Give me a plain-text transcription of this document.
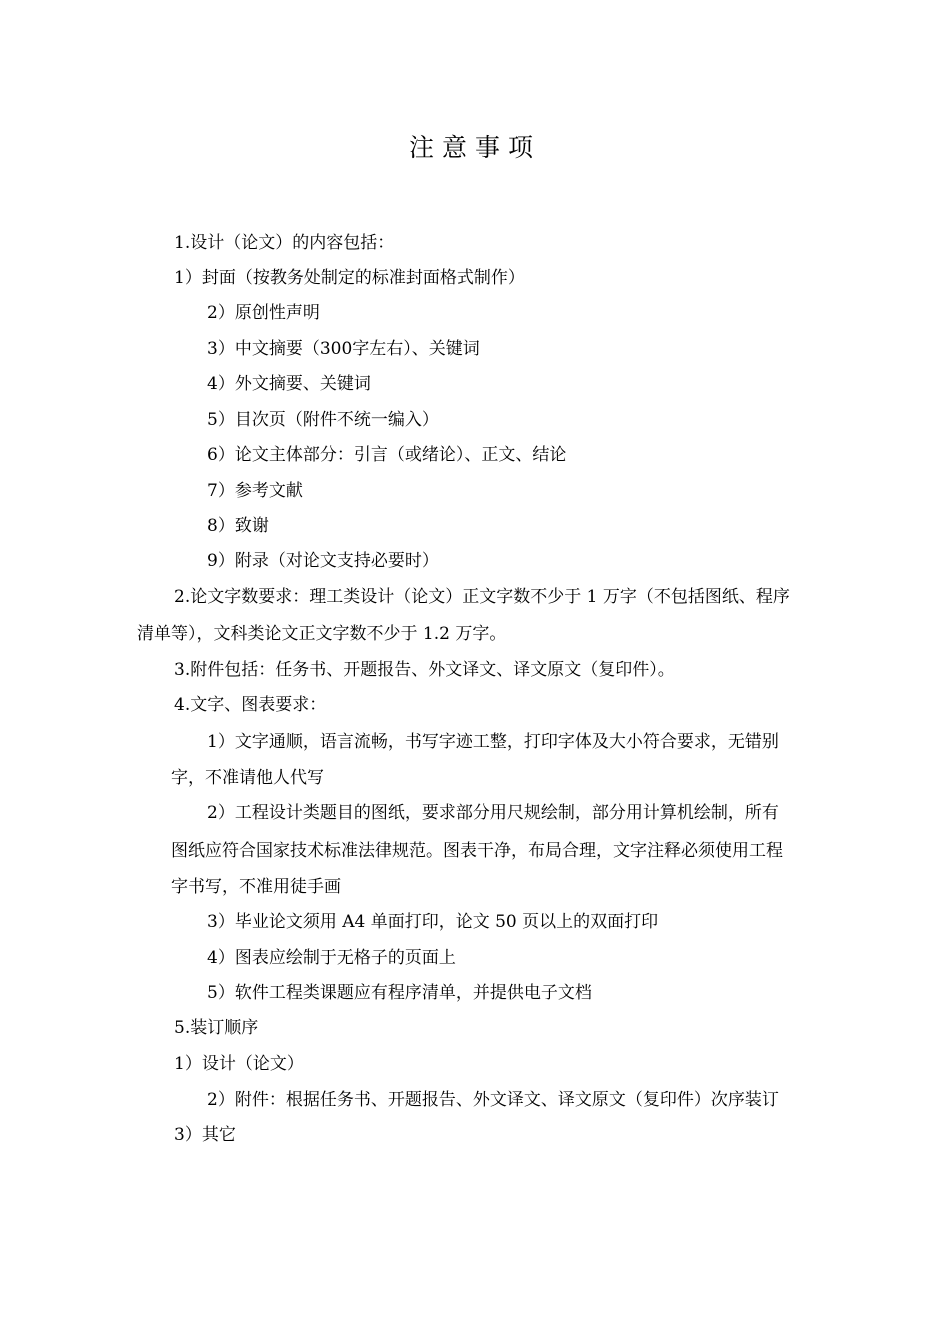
注意事项
1.设计（论文）的内容包括：
1）封面（按教务处制定的标准封面格式制作）
2）原创性声明
3）中文摘要（300字左右）、关键词
4）外文摘要、关键词
5）目次页（附件不统一编入）
6）论文主体部分：引言（或绪论）、正文、结论
7）参考文献
8）致谢
9）附录（对论文支持必要时）
2.论文字数要求：理工类设计（论文）正文字数不少于 1 万字（不包括图纸、程序
清单等），文科类论文正文字数不少于 1.2 万字。
3.附件包括：任务书、开题报告、外文译文、译文原文（复印件）。
4.文字、图表要求：
1）文字通顺，语言流畅，书写字迹工整，打印字体及大小符合要求，无错别
字，不准请他人代写
2）工程设计类题目的图纸，要求部分用尺规绘制，部分用计算机绘制，所有
图纸应符合国家技术标准法律规范。图表干净，布局合理，文字注释必须使用工程
字书写，不准用徒手画
3）毕业论文须用 A4 单面打印，论文 50 页以上的双面打印
4）图表应绘制于无格子的页面上
5）软件工程类课题应有程序清单，并提供电子文档
5.装订顺序
1）设计（论文）
2）附件：根据任务书、开题报告、外文译文、译文原文（复印件）次序装订
3）其它
